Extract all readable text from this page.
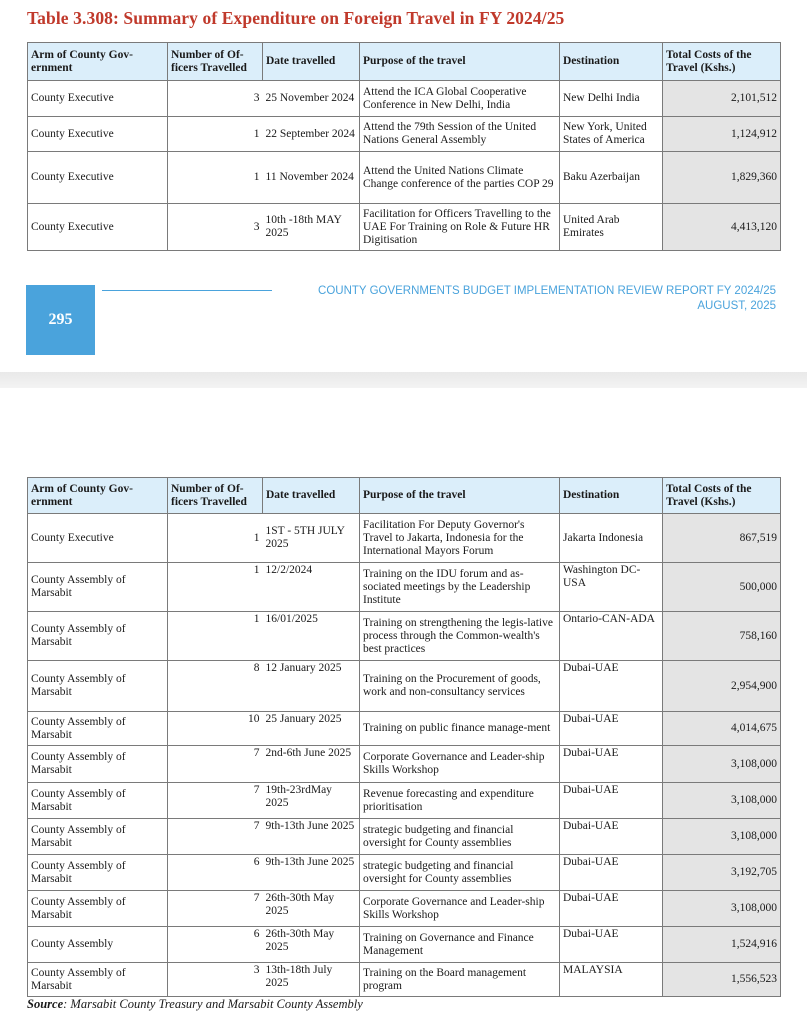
Table 3.308: Summary of Expenditure on Foreign Travel in FY 2024/25
Arm of County Gov-ernment	Number of Of-ficers Travelled	Date travelled	Purpose of the travel	Destination	Total Costs of the Travel (Kshs.)
County Executive	3	25 November 2024	Attend the ICA Global Cooperative Conference in New Delhi, India	New Delhi India	2,101,512
County Executive	1	22 September 2024	Attend the 79th Session of the United Nations General Assembly	New York, United States of America	1,124,912
County Executive	1	11 November 2024	Attend the United Nations Climate Change conference of the parties COP 29	Baku Azerbaijan	1,829,360
County Executive	3	10th -18th MAY 2025	Facilitation for Officers Travelling to the UAE For Training on Role & Future HR Digitisation	United Arab Emirates	4,413,120
295
COUNTY GOVERNMENTS BUDGET IMPLEMENTATION REVIEW REPORT FY 2024/25
AUGUST, 2025
Arm of County Gov-ernment	Number of Of-ficers Travelled	Date travelled	Purpose of the travel	Destination	Total Costs of the Travel (Kshs.)
County Executive	1	1ST - 5TH JULY 2025	Facilitation For Deputy Governor's Travel to Jakarta, Indonesia for the International Mayors Forum	Jakarta Indonesia	867,519
County Assembly of Marsabit	1	12/2/2024	Training on the IDU forum and as-sociated meetings by the Leadership Institute	Washington DC-USA	500,000
County Assembly of Marsabit	1	16/01/2025	Training on strengthening the legis-lative process through the Common-wealth's best practices	Ontario-CAN-ADA	758,160
County Assembly of Marsabit	8	12 January 2025	Training on the Procurement of goods, work and non-consultancy services	Dubai-UAE	2,954,900
County Assembly of Marsabit	10	25 January 2025	Training on public finance manage-ment	Dubai-UAE	4,014,675
County Assembly of Marsabit	7	2nd-6th June 2025	Corporate Governance and Leader-ship Skills Workshop	Dubai-UAE	3,108,000
County Assembly of Marsabit	7	19th-23rdMay 2025	Revenue forecasting and expenditure prioritisation	Dubai-UAE	3,108,000
County Assembly of Marsabit	7	9th-13th June 2025	strategic budgeting and financial oversight for County assemblies	Dubai-UAE	3,108,000
County Assembly of Marsabit	6	9th-13th June 2025	strategic budgeting and financial oversight for County assemblies	Dubai-UAE	3,192,705
County Assembly of Marsabit	7	26th-30th May 2025	Corporate Governance and Leader-ship Skills Workshop	Dubai-UAE	3,108,000
County Assembly	6	26th-30th May 2025	Training on Governance and Finance Management	Dubai-UAE	1,524,916
County Assembly of Marsabit	3	13th-18th July 2025	Training on the Board management program	MALAYSIA	1,556,523
Source: Marsabit County Treasury and Marsabit County Assembly
